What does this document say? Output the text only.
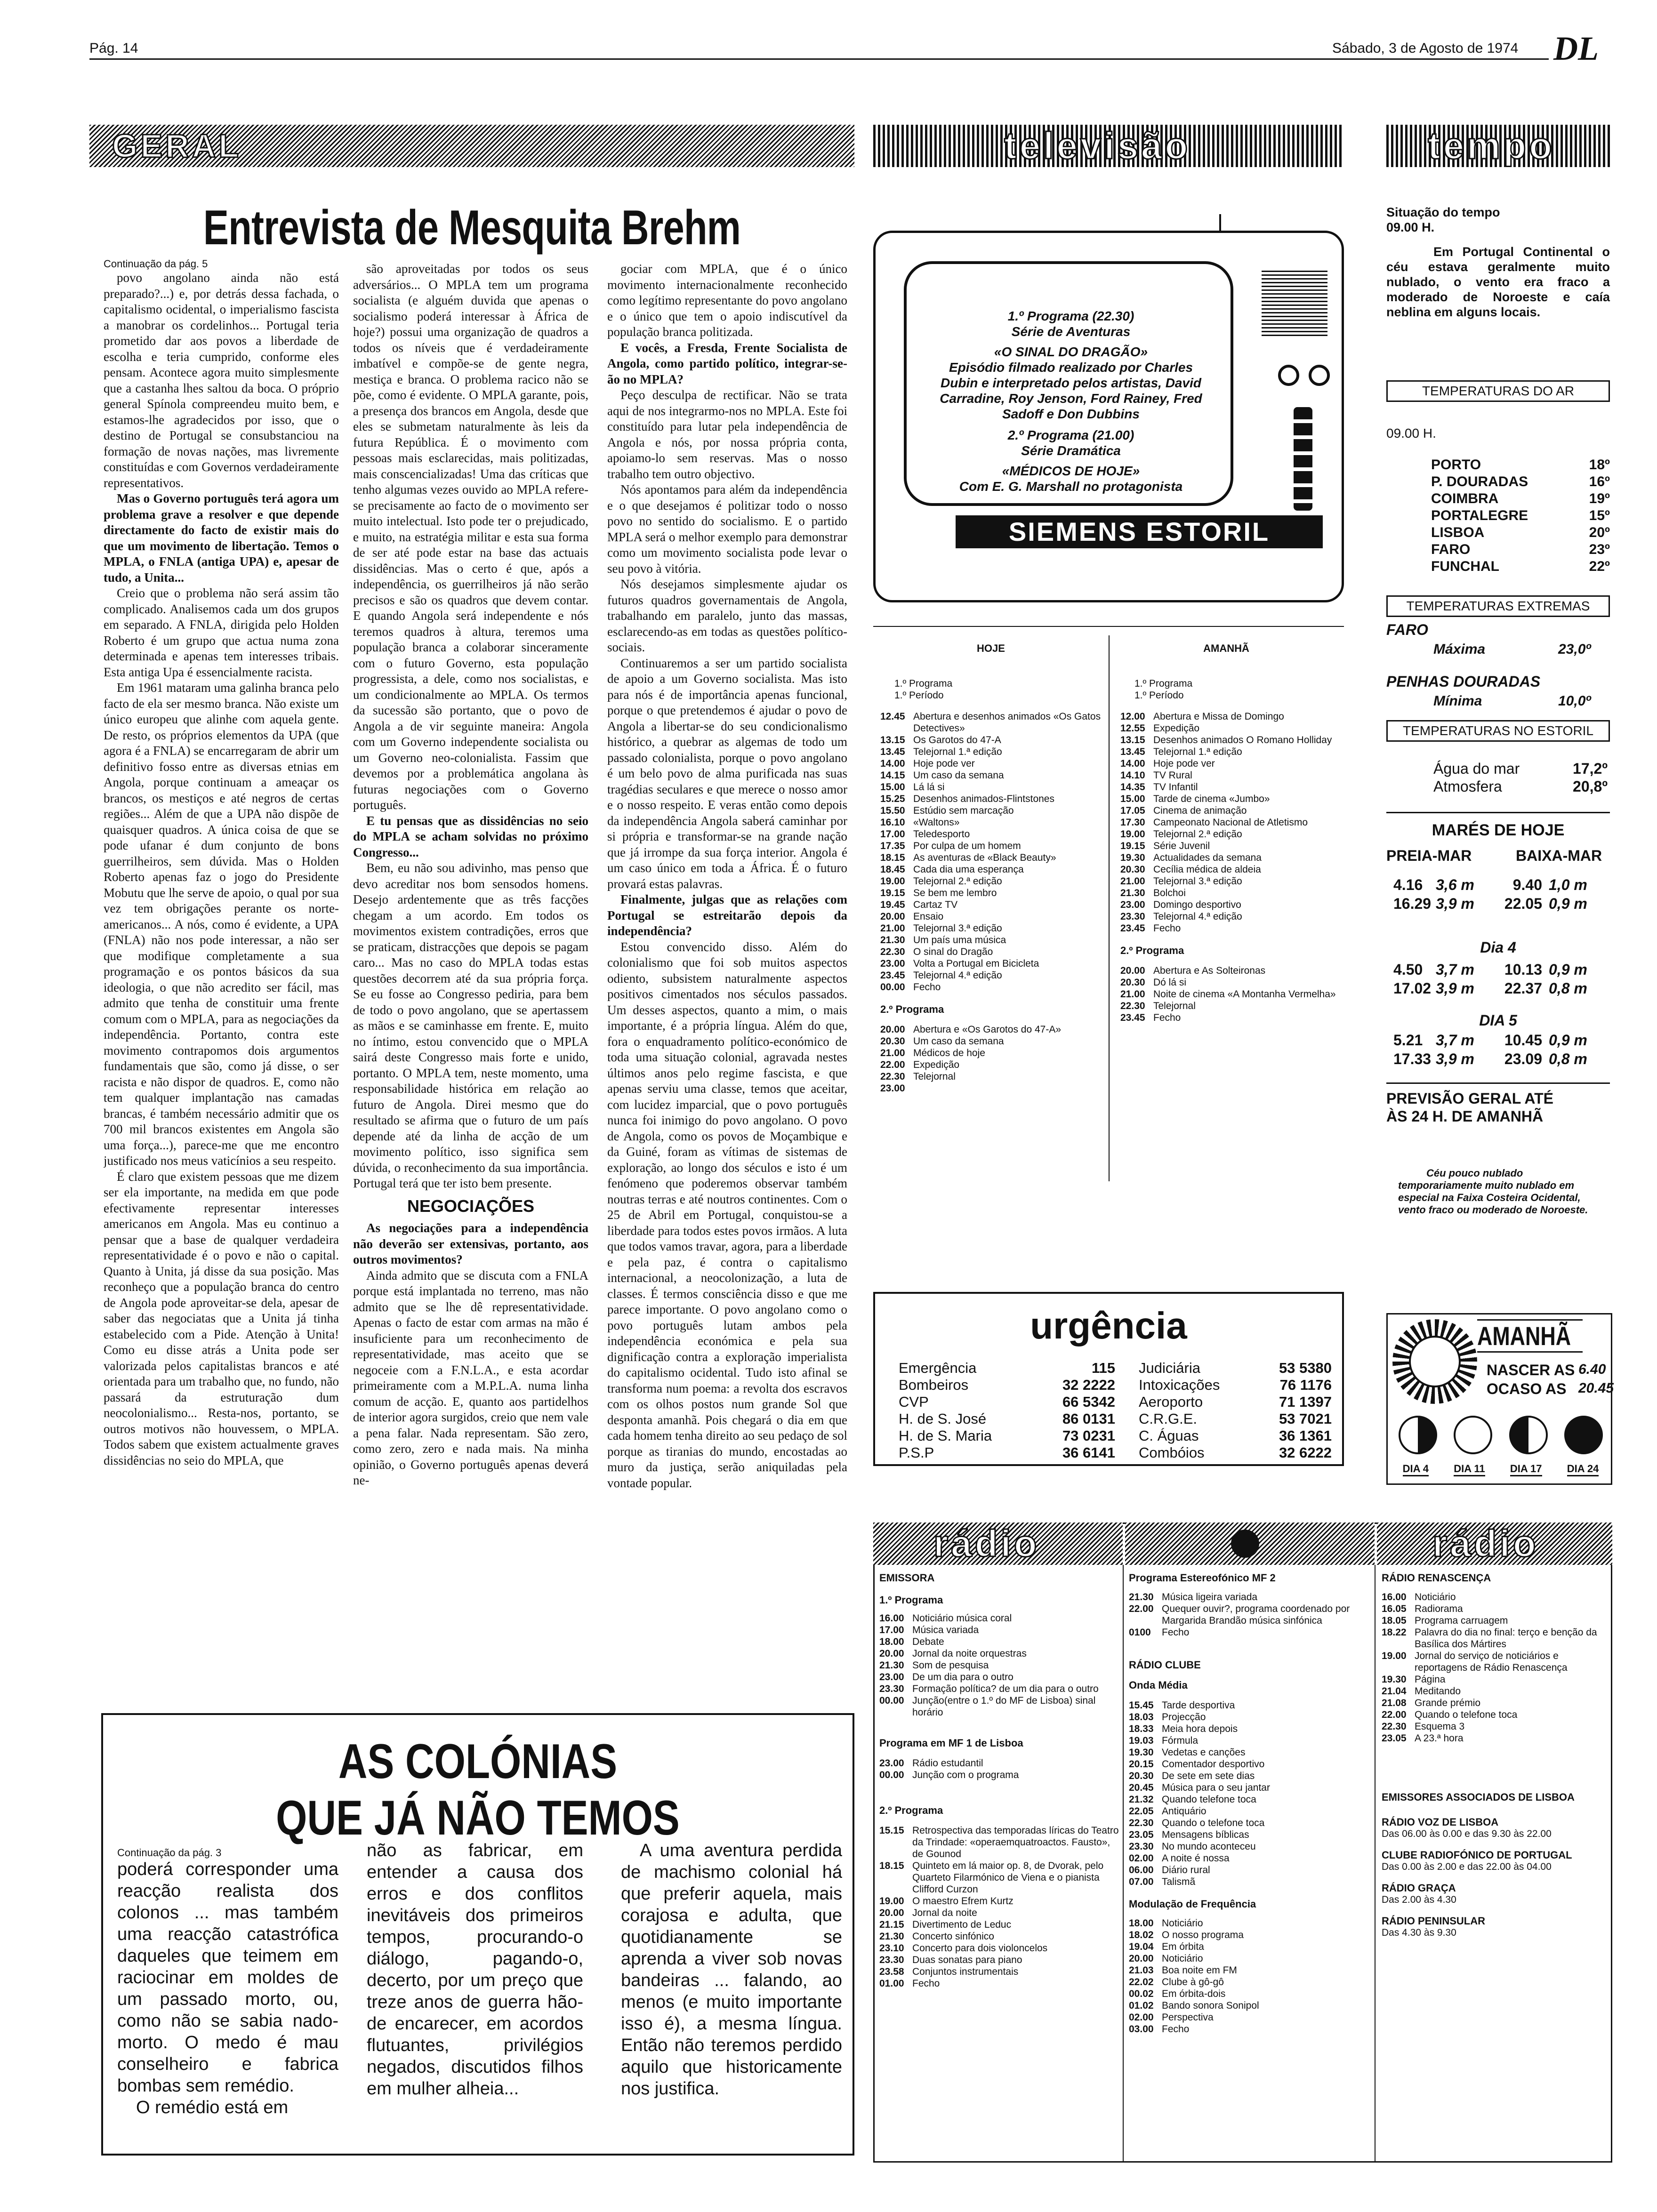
Pág. 14	Sábado, 3 de Agosto de 1974 DL
GERAL
Entrevista de Mesquita Brehm
Continuação da pág. 5

povo angolano ainda não está preparado?...) e, por detrás dessa fachada, o capitalismo ocidental, o imperialismo fascista a manobrar os cordelinhos... Portugal teria prometido dar aos povos a liberdade de escolha e teria cumprido, conforme eles pensam. Acontece agora muito simplesmente que a castanha lhes saltou da boca. O próprio general Spínola compreendeu muito bem, e estamos-lhe agradecidos por isso, que o destino de Portugal se consubstanciou na formação de novas nações, mas livremente constituídas e com Governos verdadeiramente representativos.

Mas o Governo português terá agora um problema grave a resolver e que depende directamente do facto de existir mais do que um movimento de libertação. Temos o MPLA, o FNLA (antiga UPA) e, apesar de tudo, a Unita...

Creio que o problema não será assim tão complicado. Analisemos cada um dos grupos em separado. A FNLA, dirigida pelo Holden Roberto é um grupo que actua numa zona determinada e apenas tem interesses tribais. Esta antiga Upa é essencialmente racista.

Em 1961 mataram uma galinha branca pelo facto de ela ser mesmo branca. Não existe um único europeu que alinhe com aquela gente. De resto, os próprios elementos da UPA (que agora é a FNLA) se encarregaram de abrir um definitivo fosso entre as diversas etnias em Angola, porque continuam a ameaçar os brancos, os mestiços e até negros de certas regiões... Além de que a UPA não dispõe de quaisquer quadros. A única coisa de que se pode ufanar é dum conjunto de bons guerrilheiros, sem dúvida. Mas o Holden Roberto apenas faz o jogo do Presidente Mobutu que lhe serve de apoio, o qual por sua vez tem obrigações perante os norte-americanos... A nós, como é evidente, a UPA (FNLA) não nos pode interessar, a não ser que modifique completamente a sua programação e os pontos básicos da sua ideologia, o que não acredito ser fácil, mas admito que tenha de constituir uma frente comum com o MPLA, para as negociações da independência. Portanto, contra este movimento contrapomos dois argumentos fundamentais que são, como já disse, o ser racista e não dispor de quadros. E, como não tem qualquer implantação nas camadas brancas, é também necessário admitir que os 700 mil brancos existentes em Angola são uma força...), parece-me que me encontro justificado nos meus vaticínios a seu respeito.

É claro que existem pessoas que me dizem ser ela importante, na medida em que pode efectivamente representar interesses americanos em Angola. Mas eu continuo a pensar que a base de qualquer verdadeira representatividade é o povo e não o capital. Quanto à Unita, já disse da sua posição. Mas reconheço que a população branca do centro de Angola pode aproveitar-se dela, apesar de saber das negociatas que a Unita já tinha estabelecido com a Pide. Atenção à Unita! Como eu disse atrás a Unita pode ser valorizada pelos capitalistas brancos e até orientada para um trabalho que, no fundo, não passará da estruturação dum neocolonialismo... Resta-nos, portanto, se outros motivos não houvessem, o MPLA. Todos sabem que existem actualmente graves dissidências no seio do MPLA, que

são aproveitadas por todos os seus adversários... O MPLA tem um programa socialista (e alguém duvida que apenas o socialismo poderá interessar à África de hoje?) possui uma organização de quadros a todos os níveis que é verdadeiramente imbatível e compõe-se de gente negra, mestiça e branca. O problema racico não se põe, como é evidente. O MPLA garante, pois, a presença dos brancos em Angola, desde que eles se submetam naturalmente às leis da futura República. É o movimento com pessoas mais esclarecidas, mais politizadas, mais conscencializadas! Uma das críticas que tenho algumas vezes ouvido ao MPLA refere-se precisamente ao facto de o movimento ser muito intelectual. Isto pode ter o prejudicado, e muito, na estratégia militar e esta sua forma de ser até pode estar na base das actuais dissidências. Mas o certo é que, após a independência, os guerrilheiros já não serão precisos e são os quadros que devem contar. E quando Angola será independente e nós teremos quadros à altura, teremos uma população branca a colaborar sinceramente com o futuro Governo, esta população progressista, a dele, como nos socialistas, e um condicionalmente ao MPLA. Os termos da sucessão são portanto, que o povo de Angola a de vir seguinte maneira: Angola com um Governo independente socialista ou um Governo neo-colonialista. Fassim que devemos por a problemática angolana às futuras negociações com o Governo português.

E tu pensas que as dissidências no seio do MPLA se acham solvidas no próximo Congresso...

Bem, eu não sou adivinho, mas penso que devo acreditar nos bom sensodos homens. Desejo ardentemente que as três facções chegam a um acordo. Em todos os movimentos existem contradições, erros que se praticam, distracções que depois se pagam caro... Mas no caso do MPLA todas estas questões decorrem até da sua própria força. Se eu fosse ao Congresso pediria, para bem de todo o povo angolano, que se apertassem as mãos e se caminhasse em frente. E, muito no íntimo, estou convencido que o MPLA sairá deste Congresso mais forte e unido, portanto. O MPLA tem, neste momento, uma responsabilidade histórica em relação ao futuro de Angola. Direi mesmo que do resultado se afirma que o futuro de um país depende até da linha de acção de um movimento político, isso significa sem dúvida, o reconhecimento da sua importância. Portugal terá que ter isto bem presente.

NEGOCIAÇÕES

As negociações para a independência não deverão ser extensivas, portanto, aos outros movimentos?

Ainda admito que se discuta com a FNLA porque está implantada no terreno, mas não admito que se lhe dê representatividade. Apenas o facto de estar com armas na mão é insuficiente para um reconhecimento de representatividade, mas aceito que se negoceie com a F.N.L.A., e esta acordar primeiramente com a M.P.L.A. numa linha comum de acção. E, quanto aos partidelhos de interior agora surgidos, creio que nem vale a pena falar. Nada representam. São zero, como zero, zero e nada mais. Na minha opinião, o Governo português apenas deverá ne-

gociar com MPLA, que é o único movimento internacionalmente reconhecido como legítimo representante do povo angolano e o único que tem o apoio indiscutível da população branca politizada.

E vocês, a Fresda, Frente Socialista de Angola, como partido político, integrar-se-ão no MPLA?

Peço desculpa de rectificar. Não se trata aqui de nos integrarmo-nos no MPLA. Este foi constituído para lutar pela independência de Angola e nós, por nossa própria conta, apoiamo-lo sem reservas. Mas o nosso trabalho tem outro objectivo.

Nós apontamos para além da independência e o que desejamos é politizar todo o nosso povo no sentido do socialismo. E o partido MPLA será o melhor exemplo para demonstrar como um movimento socialista pode levar o seu povo à vitória.

Nós desejamos simplesmente ajudar os futuros quadros governamentais de Angola, trabalhando em paralelo, junto das massas, esclarecendo-as em todas as questões político-sociais.

Continuaremos a ser um partido socialista de apoio a um Governo socialista. Mas isto para nós é de importância apenas funcional, porque o que pretendemos é ajudar o povo de Angola a libertar-se do seu condicionalismo histórico, a quebrar as algemas de todo um passado colonialista, porque o povo angolano é um belo povo de alma purificada nas suas tragédias seculares e que merece o nosso amor e o nosso respeito. E veras então como depois da independência Angola saberá caminhar por si própria e transformar-se na grande nação que já irrompe da sua força interior. Angola é um caso único em toda a África. É o futuro provará estas palavras.

Finalmente, julgas que as relações com Portugal se estreitarão depois da independência?

Estou convencido disso. Além do colonialismo que foi sob muitos aspectos odiento, subsistem naturalmente aspectos positivos cimentados nos séculos passados. Um desses aspectos, quanto a mim, o mais importante, é a própria língua. Além do que, fora o enquadramento político-económico de toda uma situação colonial, agravada nestes últimos anos pelo regime fascista, e que apenas serviu uma classe, temos que aceitar, com lucidez imparcial, que o povo português nunca foi inimigo do povo angolano. O povo de Angola, como os povos de Moçambique e da Guiné, foram as vítimas de sistemas de exploração, ao longo dos séculos e isto é um fenómeno que poderemos observar também noutras terras e até noutros continentes. Com o 25 de Abril em Portugal, conquistou-se a liberdade para todos estes povos irmãos. A luta que todos vamos travar, agora, para a liberdade e pela paz, é contra o capitalismo internacional, a neocolonização, a luta de classes. É termos consciência disso e que me parece importante. O povo angolano como o povo português lutam ambos pela independência económica e pela sua dignificação contra a exploração imperialista do capitalismo ocidental. Tudo isto afinal se transforma num poema: a revolta dos escravos com os olhos postos num grande Sol que desponta amanhã. Pois chegará o dia em que cada homem tenha direito ao seu pedaço de sol porque as tiranias do mundo, encostadas ao muro da justiça, serão aniquiladas pela vontade popular.

AS COLÓNIAS
QUE JÁ NÃO TEMOS
Continuação da pág. 3
poderá corresponder uma reacção realista dos colonos ... mas também uma reacção catastrófica daqueles que teimem em raciocinar em moldes de um passado morto, ou, como não se sabia nado-morto. O medo é mau conselheiro e fabrica bombas sem remédio.
O remédio está em
não as fabricar, em entender a causa dos erros e dos conflitos inevitáveis dos primeiros tempos, procurando-o diálogo, pagando-o, decerto, por um preço que treze anos de guerra hão-de encarecer, em acordos flutuantes, privilégios negados, discutidos filhos em mulher alheia...
A uma aventura perdida de machismo colonial há que preferir aquela, mais corajosa e adulta, que quotidianamente se aprenda a viver sob novas bandeiras ... falando, ao menos (e muito importante isso é), a mesma língua. Então não teremos perdido aquilo que historicamente nos justifica.
televisão
1.º Programa (22.30)
Série de Aventuras
«O SINAL DO DRAGÃO»
Episódio filmado realizado por Charles Dubin e interpretado pelos artistas, David Carradine, Roy Jenson, Ford Rainey, Fred Sadoff e Don Dubbins
2.º Programa (21.00)
Série Dramática
«MÉDICOS DE HOJE»
Com E. G. Marshall no protagonista
SIEMENS ESTORIL
HOJE	AMANHÃ
1.º Programa
1.º Período
12.45 Abertura e desenhos animados «Os Gatos Detectives»
13.15 Os Garotos do 47-A
13.45 Telejornal 1.ª edição
14.00 Hoje pode ver
14.15 Um caso da semana
15.00 Lá lá si
15.25 Desenhos animados-Flintstones
15.50 Estúdio sem marcação
16.10 «Waltons»
17.00 Teledesporto
17.35 Por culpa de um homem
18.15 As aventuras de «Black Beauty»
18.45 Cada dia uma esperança
19.00 Telejornal 2.ª edição
19.15 Se bem me lembro
19.45 Cartaz TV
20.00 Ensaio
21.00 Telejornal 3.ª edição
21.30 Um país uma música
22.30 O sinal do Dragão
23.00 Volta a Portugal em Bicicleta
23.45 Telejornal 4.ª edição
00.00 Fecho
2.º Programa
20.00 Abertura e «Os Garotos do 47-A»
20.30 Um caso da semana
21.00 Médicos de hoje
22.00 Expedição
22.30 Telejornal
23.00
1.º Programa
1.º Período
12.00 Abertura e Missa de Domingo
12.55 Expedição
13.15 Desenhos animados O Romano Holliday
13.45 Telejornal 1.ª edição
14.00 Hoje pode ver
14.10 TV Rural
14.35 TV Infantil
15.00 Tarde de cinema «Jumbo»
17.05 Cinema de animação
17.30 Campeonato Nacional de Atletismo
19.00 Telejornal 2.ª edição
19.15 Série Juvenil
19.30 Actualidades da semana
20.30 Cecília médica de aldeia
21.00 Telejornal 3.ª edição
21.30 Bolchoi
23.00 Domingo desportivo
23.30 Telejornal 4.ª edição
23.45 Fecho
2.º Programa
20.00 Abertura e As Solteironas
20.30 Dó lá si
21.00 Noite de cinema «A Montanha Vermelha»
22.30 Telejornal
23.45 Fecho
urgência
Emergência	115
Bombeiros	32 2222
CVP	66 5342
H. de S. José	86 0131
H. de S. Maria	73 0231
P.S.P	36 6141
Judiciária	53 5380
Intoxicações	76 1176
Aeroporto	71 1397
C.R.G.E.	53 7021
C. Águas	36 1361
Combóios	32 6222
tempo
Situação do tempo
09.00 H.
Em Portugal Continental o céu estava geralmente muito nublado, o vento era fraco a moderado de Noroeste e caía neblina em alguns locais.
TEMPERATURAS DO AR
09.00 H.
PORTO	18º
P. DOURADAS	16º
COIMBRA	19º
PORTALEGRE	15º
LISBOA	20º
FARO	23º
FUNCHAL	22º
TEMPERATURAS EXTREMAS
FARO
Máxima	23,0º
PENHAS DOURADAS
Mínima	10,0º
TEMPERATURAS NO ESTORIL
Água do mar	17,2º
Atmosfera	20,8º
MARÉS DE HOJE
PREIA-MAR	BAIXA-MAR
4.16 3,6 m	9.40 1,0 m
16.29 3,9 m	22.05 0,9 m
Dia 4
4.50 3,7 m	10.13 0,9 m
17.02 3,9 m	22.37 0,8 m
DIA 5
5.21 3,7 m	10.45 0,9 m
17.33 3,9 m	23.09 0,8 m
PREVISÃO GERAL ATÉ ÀS 24 H. DE AMANHÃ
Céu pouco nublado temporariamente muito nublado em especial na Faixa Costeira Ocidental, vento fraco ou moderado de Noroeste.
AMANHÃ
NASCER AS 6.40
OCASO AS 20.45
DIA 4 DIA 11 DIA 17 DIA 24
rádio	rádio
EMISSORA
1.º Programa
16.00 Noticiário música coral
17.00 Música variada
18.00 Debate
20.00 Jornal da noite orquestras
21.30 Som de pesquisa
23.00 De um dia para o outro
23.30 Formação política? de um dia para o outro
00.00 Junção(entre o 1.º do MF de Lisboa) sinal horário
Programa em MF 1 de Lisboa
23.00 Rádio estudantil
00.00 Junção com o programa
2.º Programa
15.15 Retrospectiva das temporadas líricas do Teatro da Trindade: «operaemquatroactos. Fausto», de Gounod
18.15 Quinteto em lá maior op. 8, de Dvorak, pelo Quarteto Filarmónico de Viena e o pianista Clifford Curzon
19.00 O maestro Efrem Kurtz
20.00 Jornal da noite
21.15 Divertimento de Leduc
21.30 Concerto sinfónico
23.10 Concerto para dois violoncelos
23.30 Duas sonatas para piano
23.58 Conjuntos instrumentais
01.00 Fecho
Programa Estereofónico MF 2
21.30 Música ligeira variada
22.00 Quequer ouvir?, programa coordenado por Margarida Brandão música sinfónica
0100	Fecho
RÁDIO CLUBE
Onda Média
15.45 Tarde desportiva
18.03 Projecção
18.33 Meia hora depois
19.03 Fórmula
19.30 Vedetas e canções
20.15 Comentador desportivo
20.30 De sete em sete dias
20.45 Música para o seu jantar
21.32 Quando telefone toca
22.05 Antiquário
22.30 Quando o telefone toca
23.05 Mensagens bíblicas
23.30 No mundo aconteceu
02.00 A noite é nossa
06.00 Diário rural
07.00 Talismã
Modulação de Frequência
18.00 Noticiário
18.02 O nosso programa
19.04 Em órbita
20.00 Noticiário
21.03 Boa noite em FM
22.02 Clube à gô-gô
00.02 Em órbita-dois
01.02 Bando sonora Sonipol
02.00 Perspectiva
03.00 Fecho
RÁDIO RENASCENÇA
16.00 Noticiário
16.05 Radiorama
18.05 Programa carruagem
18.22 Palavra do dia no final: terço e benção da Basílica dos Mártires
19.00 Jornal do serviço de noticiários e reportagens de Rádio Renascença
19.30 Página
21.04 Meditando
21.08 Grande prémio
22.00 Quando o telefone toca
22.30 Esquema 3
23.05 A 23.ª hora
EMISSORES ASSOCIADOS DE LISBOA
RÁDIO VOZ DE LISBOA
Das 06.00 às 0.00 e das 9.30 às 22.00
CLUBE RADIOFÓNICO DE PORTUGAL
Das 0.00 às 2.00 e das 22.00 às 04.00
RÁDIO GRAÇA
Das 2.00 às 4.30
RÁDIO PENINSULAR
Das 4.30 às 9.30
